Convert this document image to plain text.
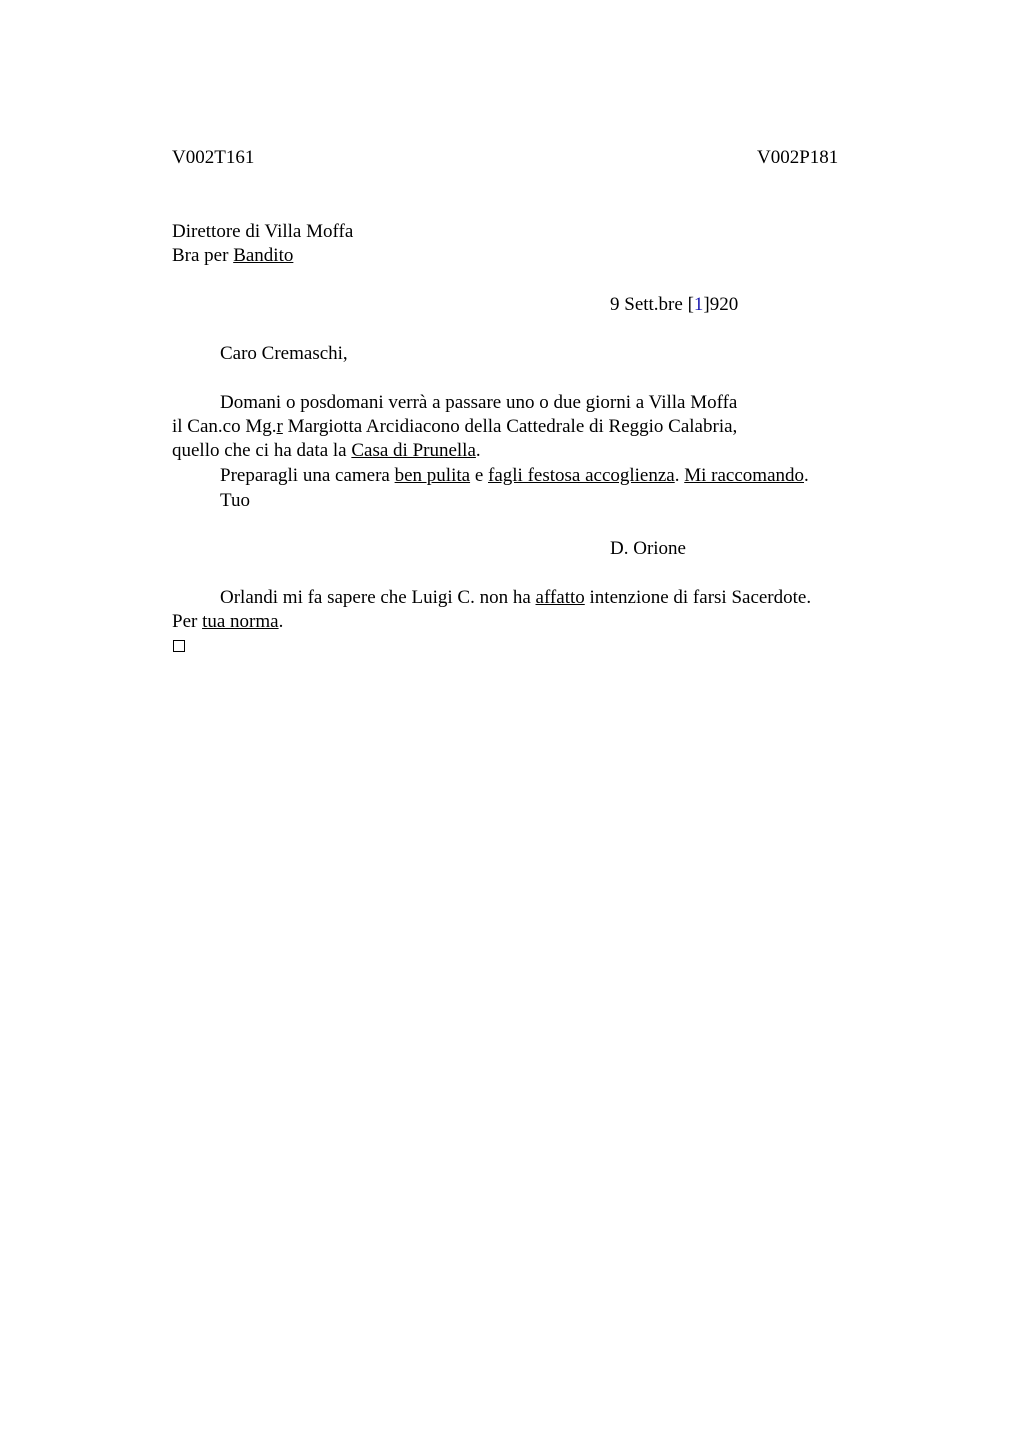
V002T161	V002P181
Direttore di Villa Moffa
Bra per Bandito
9 Sett.bre [1]920
Caro Cremaschi,
Domani o posdomani verrà a passare uno o due giorni a Villa Moffa
il Can.co Mg.r Margiotta Arcidiacono della Cattedrale di Reggio Calabria,
quello che ci ha data la Casa di Prunella.
Preparagli una camera ben pulita e fagli festosa accoglienza. Mi raccomando.
Tuo
D. Orione
Orlandi mi fa sapere che Luigi C. non ha affatto intenzione di farsi Sacerdote.
Per tua norma.
